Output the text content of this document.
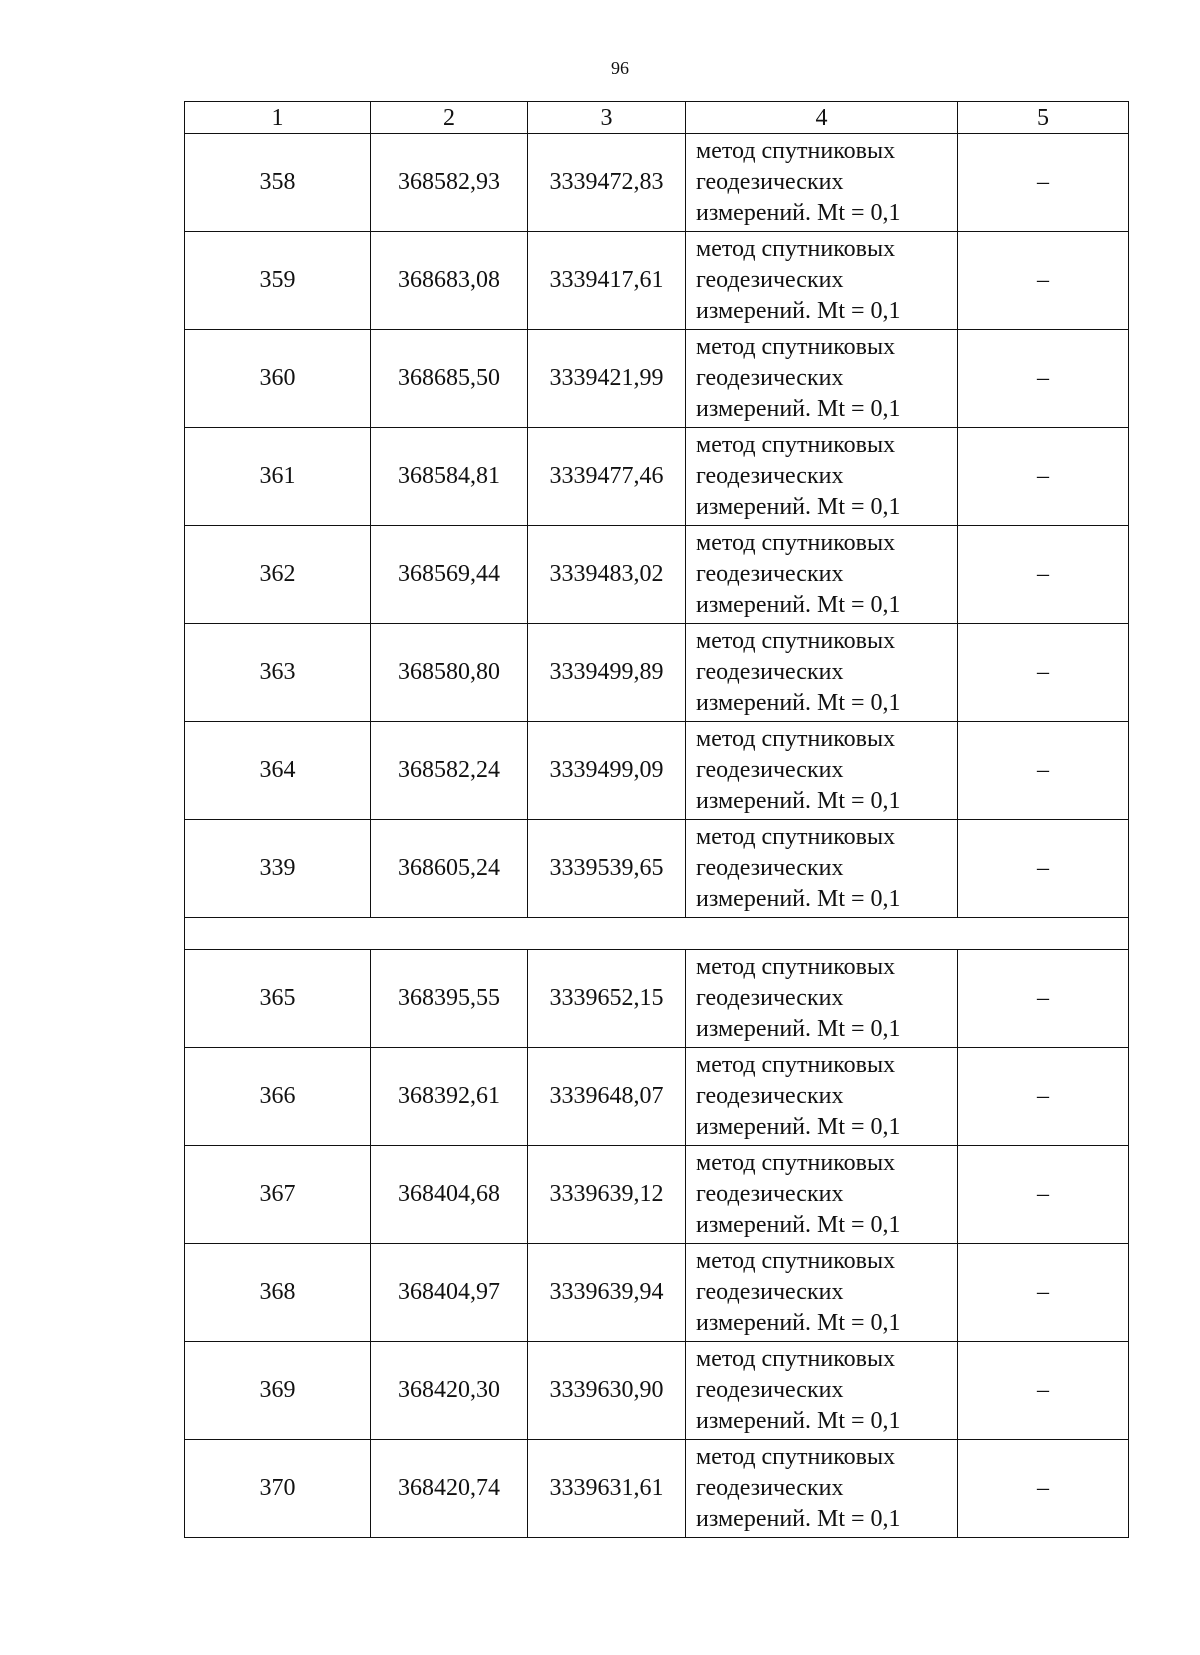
96
1	2	3	4	5
358	368582,93	3339472,83	метод спутниковых
геодезических
измерений. Mt = 0,1	–
359	368683,08	3339417,61	метод спутниковых
геодезических
измерений. Mt = 0,1	–
360	368685,50	3339421,99	метод спутниковых
геодезических
измерений. Mt = 0,1	–
361	368584,81	3339477,46	метод спутниковых
геодезических
измерений. Mt = 0,1	–
362	368569,44	3339483,02	метод спутниковых
геодезических
измерений. Mt = 0,1	–
363	368580,80	3339499,89	метод спутниковых
геодезических
измерений. Mt = 0,1	–
364	368582,24	3339499,09	метод спутниковых
геодезических
измерений. Mt = 0,1	–
339	368605,24	3339539,65	метод спутниковых
геодезических
измерений. Mt = 0,1	–

365	368395,55	3339652,15	метод спутниковых
геодезических
измерений. Mt = 0,1	–
366	368392,61	3339648,07	метод спутниковых
геодезических
измерений. Mt = 0,1	–
367	368404,68	3339639,12	метод спутниковых
геодезических
измерений. Mt = 0,1	–
368	368404,97	3339639,94	метод спутниковых
геодезических
измерений. Mt = 0,1	–
369	368420,30	3339630,90	метод спутниковых
геодезических
измерений. Mt = 0,1	–
370	368420,74	3339631,61	метод спутниковых
геодезических
измерений. Mt = 0,1	–
